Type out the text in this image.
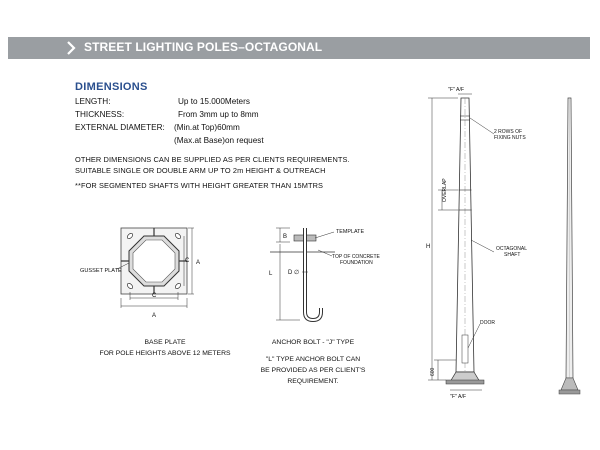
STREET LIGHTING POLES–OCTAGONAL
DIMENSIONS
LENGTH:	Up to 15.000Meters
THICKNESS:	From 3mm up to 8mm
EXTERNAL DIAMETER: (Min.at Top)60mm
(Max.at Base)on request
OTHER DIMENSIONS CAN BE SUPPLIED AS PER CLIENTS REQUIREMENTS.
SUITABLE SINGLE OR DOUBLE ARM UP TO 2m HEIGHT & OUTREACH
**FOR SEGMENTED SHAFTS WITH HEIGHT GREATER THAN 15MTRS
GUSSET PLATE
C
A
A
C
BASE PLATE
FOR POLE HEIGHTS ABOVE 12 METERS
B
L	D ∅
TEMPLATE
TOP OF CONCRETE
FOUNDATION
ANCHOR BOLT - "J" TYPE
"L" TYPE ANCHOR BOLT CAN
BE PROVIDED AS PER CLIENT'S
REQUIREMENT.
"F" A/F
2 ROWS OF
FIXING NUTS
OVERLAP
H	OCTAGONAL
SHAFT
DOOR
600
"F" A/F
